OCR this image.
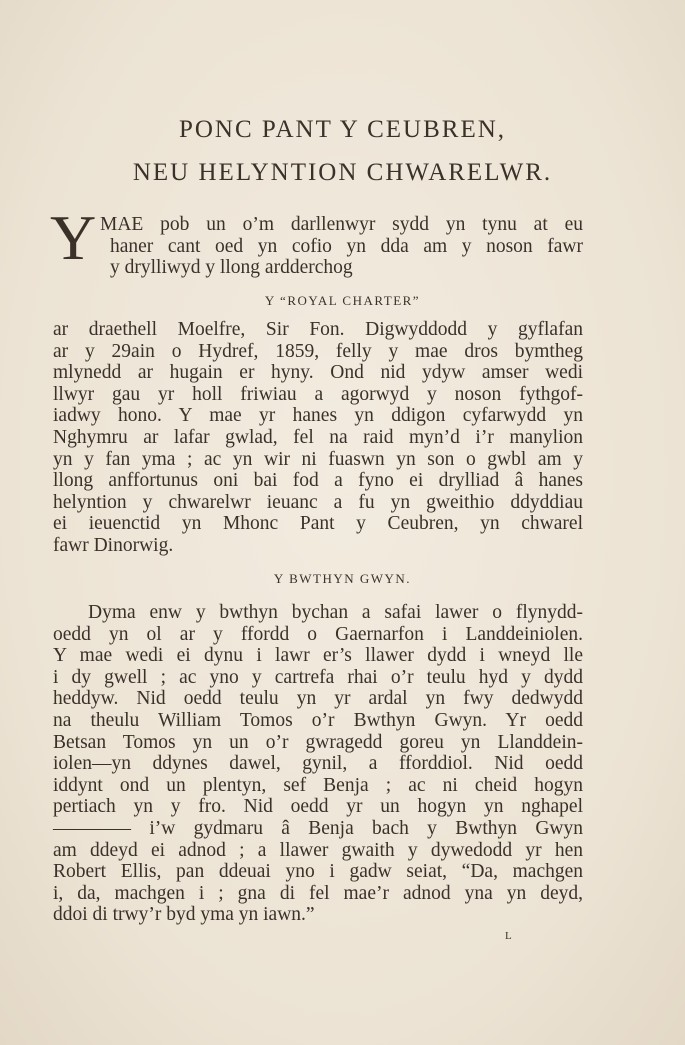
PONC PANT Y CEUBREN,
NEU HELYNTION CHWARELWR.
Y MAE pob un o’m darllenwyr sydd yn tynu at eu
haner cant oed yn cofio yn dda am y noson fawr
y drylliwyd y llong ardderchog
Y “ROYAL CHARTER”
ar draethell Moelfre, Sir Fon. Digwyddodd y gyflafan
ar y 29ain o Hydref, 1859, felly y mae dros bymtheg
mlynedd ar hugain er hyny. Ond nid ydyw amser wedi
llwyr gau yr holl friwiau a agorwyd y noson fythgof-
iadwy hono. Y mae yr hanes yn ddigon cyfarwydd yn
Nghymru ar lafar gwlad, fel na raid myn’d i’r manylion
yn y fan yma ; ac yn wir ni fuaswn yn son o gwbl am y
llong anffortunus oni bai fod a fyno ei drylliad â hanes
helyntion y chwarelwr ieuanc a fu yn gweithio ddyddiau
ei ieuenctid yn Mhonc Pant y Ceubren, yn chwarel
fawr Dinorwig.
Y BWTHYN GWYN.
Dyma enw y bwthyn bychan a safai lawer o flynydd-
oedd yn ol ar y ffordd o Gaernarfon i Landdeiniolen.
Y mae wedi ei dynu i lawr er’s llawer dydd i wneyd lle
i dy gwell ; ac yno y cartrefa rhai o’r teulu hyd y dydd
heddyw. Nid oedd teulu yn yr ardal yn fwy dedwydd
na theulu William Tomos o’r Bwthyn Gwyn. Yr oedd
Betsan Tomos yn un o’r gwragedd goreu yn Llanddein-
iolen—yn ddynes dawel, gynil, a fforddiol. Nid oedd
iddynt ond un plentyn, sef Benja ; ac ni cheid hogyn
pertiach yn y fro. Nid oedd yr un hogyn yn nghapel
———— i’w gydmaru â Benja bach y Bwthyn Gwyn
am ddeyd ei adnod ; a llawer gwaith y dywedodd yr hen
Robert Ellis, pan ddeuai yno i gadw seiat, “Da, machgen
i, da, machgen i ; gna di fel mae’r adnod yna yn deyd,
ddoi di trwy’r byd yma yn iawn.”
L
